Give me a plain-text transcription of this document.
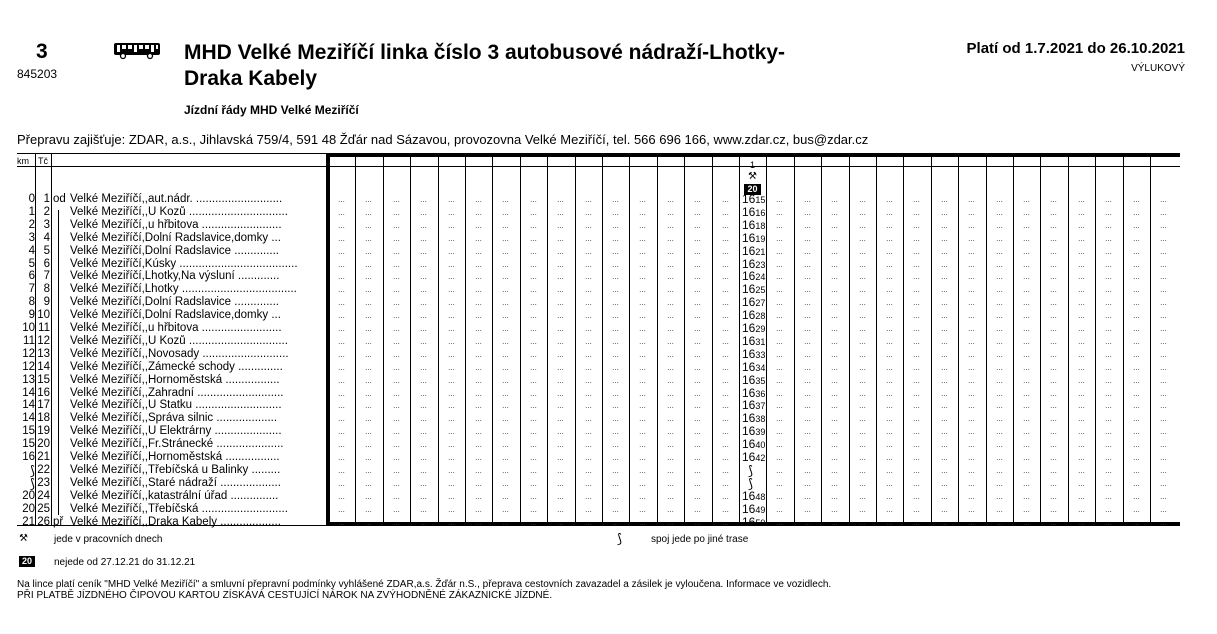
3
845203
MHD Velké Meziříčí linka číslo 3 autobusové nádraží-Lhotky-
Draka Kabely
Jízdní řády MHD Velké Meziříčí
Platí od 1.7.2021 do 26.10.2021
VÝLUKOVÝ
Přepravu zajišťuje: ZDAR, a.s., Jihlavská 759/4, 591 48 Žďár nad Sázavou, provozovna Velké Meziříčí, tel. 566 696 166, www.zdar.cz, bus@zdar.cz
km Tč	1
⚒
20
0 1 od Velké Meziříčí,,aut.nádr. ...........................	...	...	...	...	...	...	...	...	...	...	...	...	...	...	...	1615	...	...	...	...	...	...	...	...	...	...	...	...	...	...	...
1 2 Velké Meziříčí,,U Kozů ...............................	...	...	...	...	...	...	...	...	...	...	...	...	...	...	...	1616	...	...	...	...	...	...	...	...	...	...	...	...	...	...	...
2 3 Velké Meziříčí,,u hřbitova .........................	...	...	...	...	...	...	...	...	...	...	...	...	...	...	...	1618	...	...	...	...	...	...	...	...	...	...	...	...	...	...	...
3 4 Velké Meziříčí,Dolní Radslavice,domky ...	...	...	...	...	...	...	...	...	...	...	...	...	...	...	...	1619	...	...	...	...	...	...	...	...	...	...	...	...	...	...	...
4 5 Velké Meziříčí,Dolní Radslavice ..............	...	...	...	...	...	...	...	...	...	...	...	...	...	...	...	1621	...	...	...	...	...	...	...	...	...	...	...	...	...	...	...
5 6 Velké Meziříčí,Kúsky .....................................	...	...	...	...	...	...	...	...	...	...	...	...	...	...	...	1623	...	...	...	...	...	...	...	...	...	...	...	...	...	...	...
6 7 Velké Meziříčí,Lhotky,Na výsluní .............	...	...	...	...	...	...	...	...	...	...	...	...	...	...	...	1624	...	...	...	...	...	...	...	...	...	...	...	...	...	...	...
7 8 Velké Meziříčí,Lhotky ....................................	...	...	...	...	...	...	...	...	...	...	...	...	...	...	...	1625	...	...	...	...	...	...	...	...	...	...	...	...	...	...	...
8 9 Velké Meziříčí,Dolní Radslavice ..............	...	...	...	...	...	...	...	...	...	...	...	...	...	...	...	1627	...	...	...	...	...	...	...	...	...	...	...	...	...	...	...
9 10 Velké Meziříčí,Dolní Radslavice,domky ...	...	...	...	...	...	...	...	...	...	...	...	...	...	...	...	1628	...	...	...	...	...	...	...	...	...	...	...	...	...	...	...
10 11 Velké Meziříčí,,u hřbitova .........................	...	...	...	...	...	...	...	...	...	...	...	...	...	...	...	1629	...	...	...	...	...	...	...	...	...	...	...	...	...	...	...
11 12 Velké Meziříčí,,U Kozů ...............................	...	...	...	...	...	...	...	...	...	...	...	...	...	...	...	1631	...	...	...	...	...	...	...	...	...	...	...	...	...	...	...
12 13 Velké Meziříčí,,Novosady ...........................	...	...	...	...	...	...	...	...	...	...	...	...	...	...	...	1633	...	...	...	...	...	...	...	...	...	...	...	...	...	...	...
12 14 Velké Meziříčí,,Zámecké schody ..............	...	...	...	...	...	...	...	...	...	...	...	...	...	...	...	1634	...	...	...	...	...	...	...	...	...	...	...	...	...	...	...
13 15 Velké Meziříčí,,Hornoměstská .................	...	...	...	...	...	...	...	...	...	...	...	...	...	...	...	1635	...	...	...	...	...	...	...	...	...	...	...	...	...	...	...
14 16 Velké Meziříčí,,Zahradní ...........................	...	...	...	...	...	...	...	...	...	...	...	...	...	...	...	1636	...	...	...	...	...	...	...	...	...	...	...	...	...	...	...
14 17 Velké Meziříčí,,U Statku ...........................	...	...	...	...	...	...	...	...	...	...	...	...	...	...	...	1637	...	...	...	...	...	...	...	...	...	...	...	...	...	...	...
14 18 Velké Meziříčí,,Správa silnic ...................	...	...	...	...	...	...	...	...	...	...	...	...	...	...	...	1638	...	...	...	...	...	...	...	...	...	...	...	...	...	...	...
15 19 Velké Meziříčí,,U Elektrárny .....................	...	...	...	...	...	...	...	...	...	...	...	...	...	...	...	1639	...	...	...	...	...	...	...	...	...	...	...	...	...	...	...
15 20 Velké Meziříčí,,Fr.Stránecké .....................	...	...	...	...	...	...	...	...	...	...	...	...	...	...	...	1640	...	...	...	...	...	...	...	...	...	...	...	...	...	...	...
16 21 Velké Meziříčí,,Hornoměstská .................	...	...	...	...	...	...	...	...	...	...	...	...	...	...	...	1642	...	...	...	...	...	...	...	...	...	...	...	...	...	...	...
⟆ 22 Velké Meziříčí,,Třebíčská u Balinky .........	...	...	...	...	...	...	...	...	...	...	...	...	...	...	...	⟆	...	...	...	...	...	...	...	...	...	...	...	...	...	...	...
⟆ 23 Velké Meziříčí,,Staré nádraží ...................	...	...	...	...	...	...	...	...	...	...	...	...	...	...	...	⟆	...	...	...	...	...	...	...	...	...	...	...	...	...	...	...
20 24 Velké Meziříčí,,katastrální úřad ...............	...	...	...	...	...	...	...	...	...	...	...	...	...	...	...	1648	...	...	...	...	...	...	...	...	...	...	...	...	...	...	...
20 25 Velké Meziříčí,,Třebíčská ...........................	...	...	...	...	...	...	...	...	...	...	...	...	...	...	...	1649	...	...	...	...	...	...	...	...	...	...	...	...	...	...	...
21 26 př Velké Meziříčí,,Draka Kabely ...................	...	...	...	...	...	...	...	...	...	...	...	...	...	...	...	1650	...	...	...	...	...	...	...	...	...	...	...	...	...	...	...
⚒	jede v pracovních dnech	⟆	spoj jede po jiné trase
20	nejede od 27.12.21 do 31.12.21
Na lince platí ceník "MHD Velké Meziříčí" a smluvní přepravní podmínky vyhlášené ZDAR,a.s. Žďár n.S., přeprava cestovních zavazadel a zásilek je vyloučena. Informace ve vozidlech.
PŘI PLATBĚ JÍZDNÉHO ČIPOVOU KARTOU ZÍSKÁVÁ CESTUJÍCÍ NÁROK NA ZVÝHODNĚNÉ ZÁKAZNICKÉ JÍZDNÉ.
